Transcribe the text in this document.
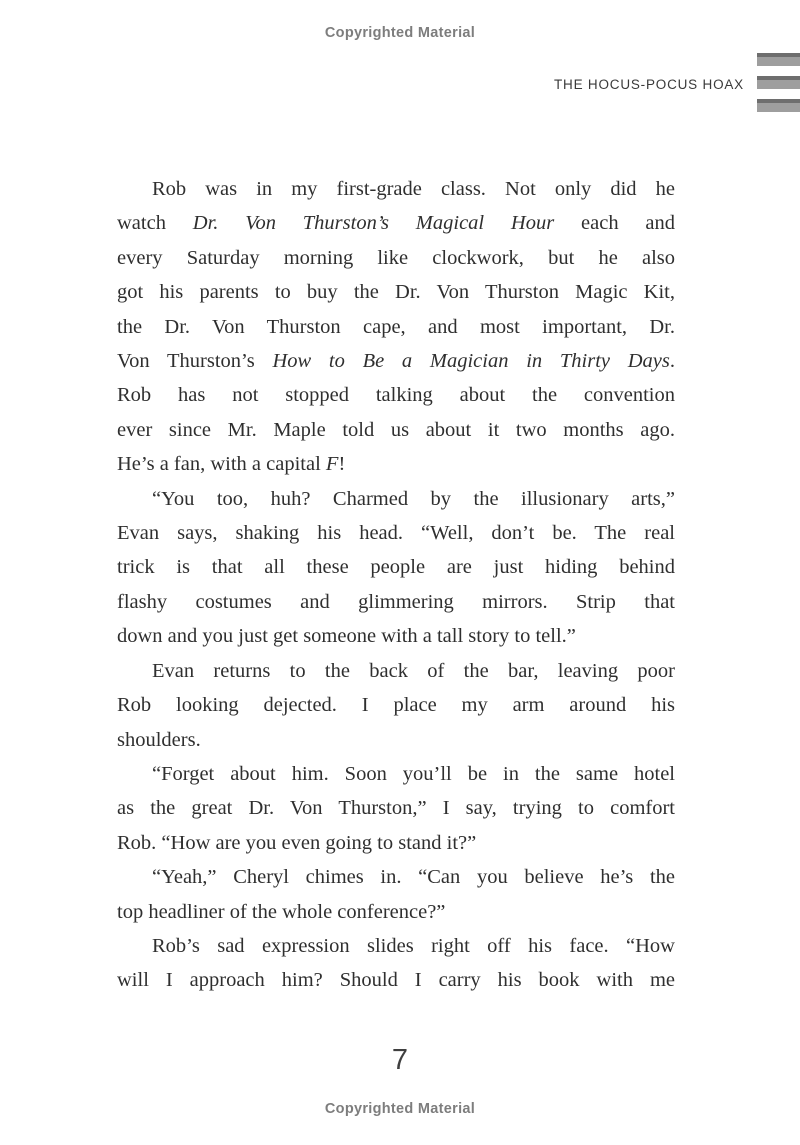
Copyrighted Material
THE HOCUS-POCUS HOAX
Rob was in my first-grade class. Not only did he
watch Dr. Von Thurston’s Magical Hour each and
every Saturday morning like clockwork, but he also
got his parents to buy the Dr. Von Thurston Magic Kit,
the Dr. Von Thurston cape, and most important, Dr.
Von Thurston’s How to Be a Magician in Thirty Days.
Rob has not stopped talking about the convention
ever since Mr. Maple told us about it two months ago.
He’s a fan, with a capital F!
“You too, huh? Charmed by the illusionary arts,”
Evan says, shaking his head. “Well, don’t be. The real
trick is that all these people are just hiding behind
flashy costumes and glimmering mirrors. Strip that
down and you just get someone with a tall story to tell.”
Evan returns to the back of the bar, leaving poor
Rob looking dejected. I place my arm around his
shoulders.
“Forget about him. Soon you’ll be in the same hotel
as the great Dr. Von Thurston,” I say, trying to comfort
Rob. “How are you even going to stand it?”
“Yeah,” Cheryl chimes in. “Can you believe he’s the
top headliner of the whole conference?”
Rob’s sad expression slides right off his face. “How
will I approach him? Should I carry his book with me
7
Copyrighted Material
